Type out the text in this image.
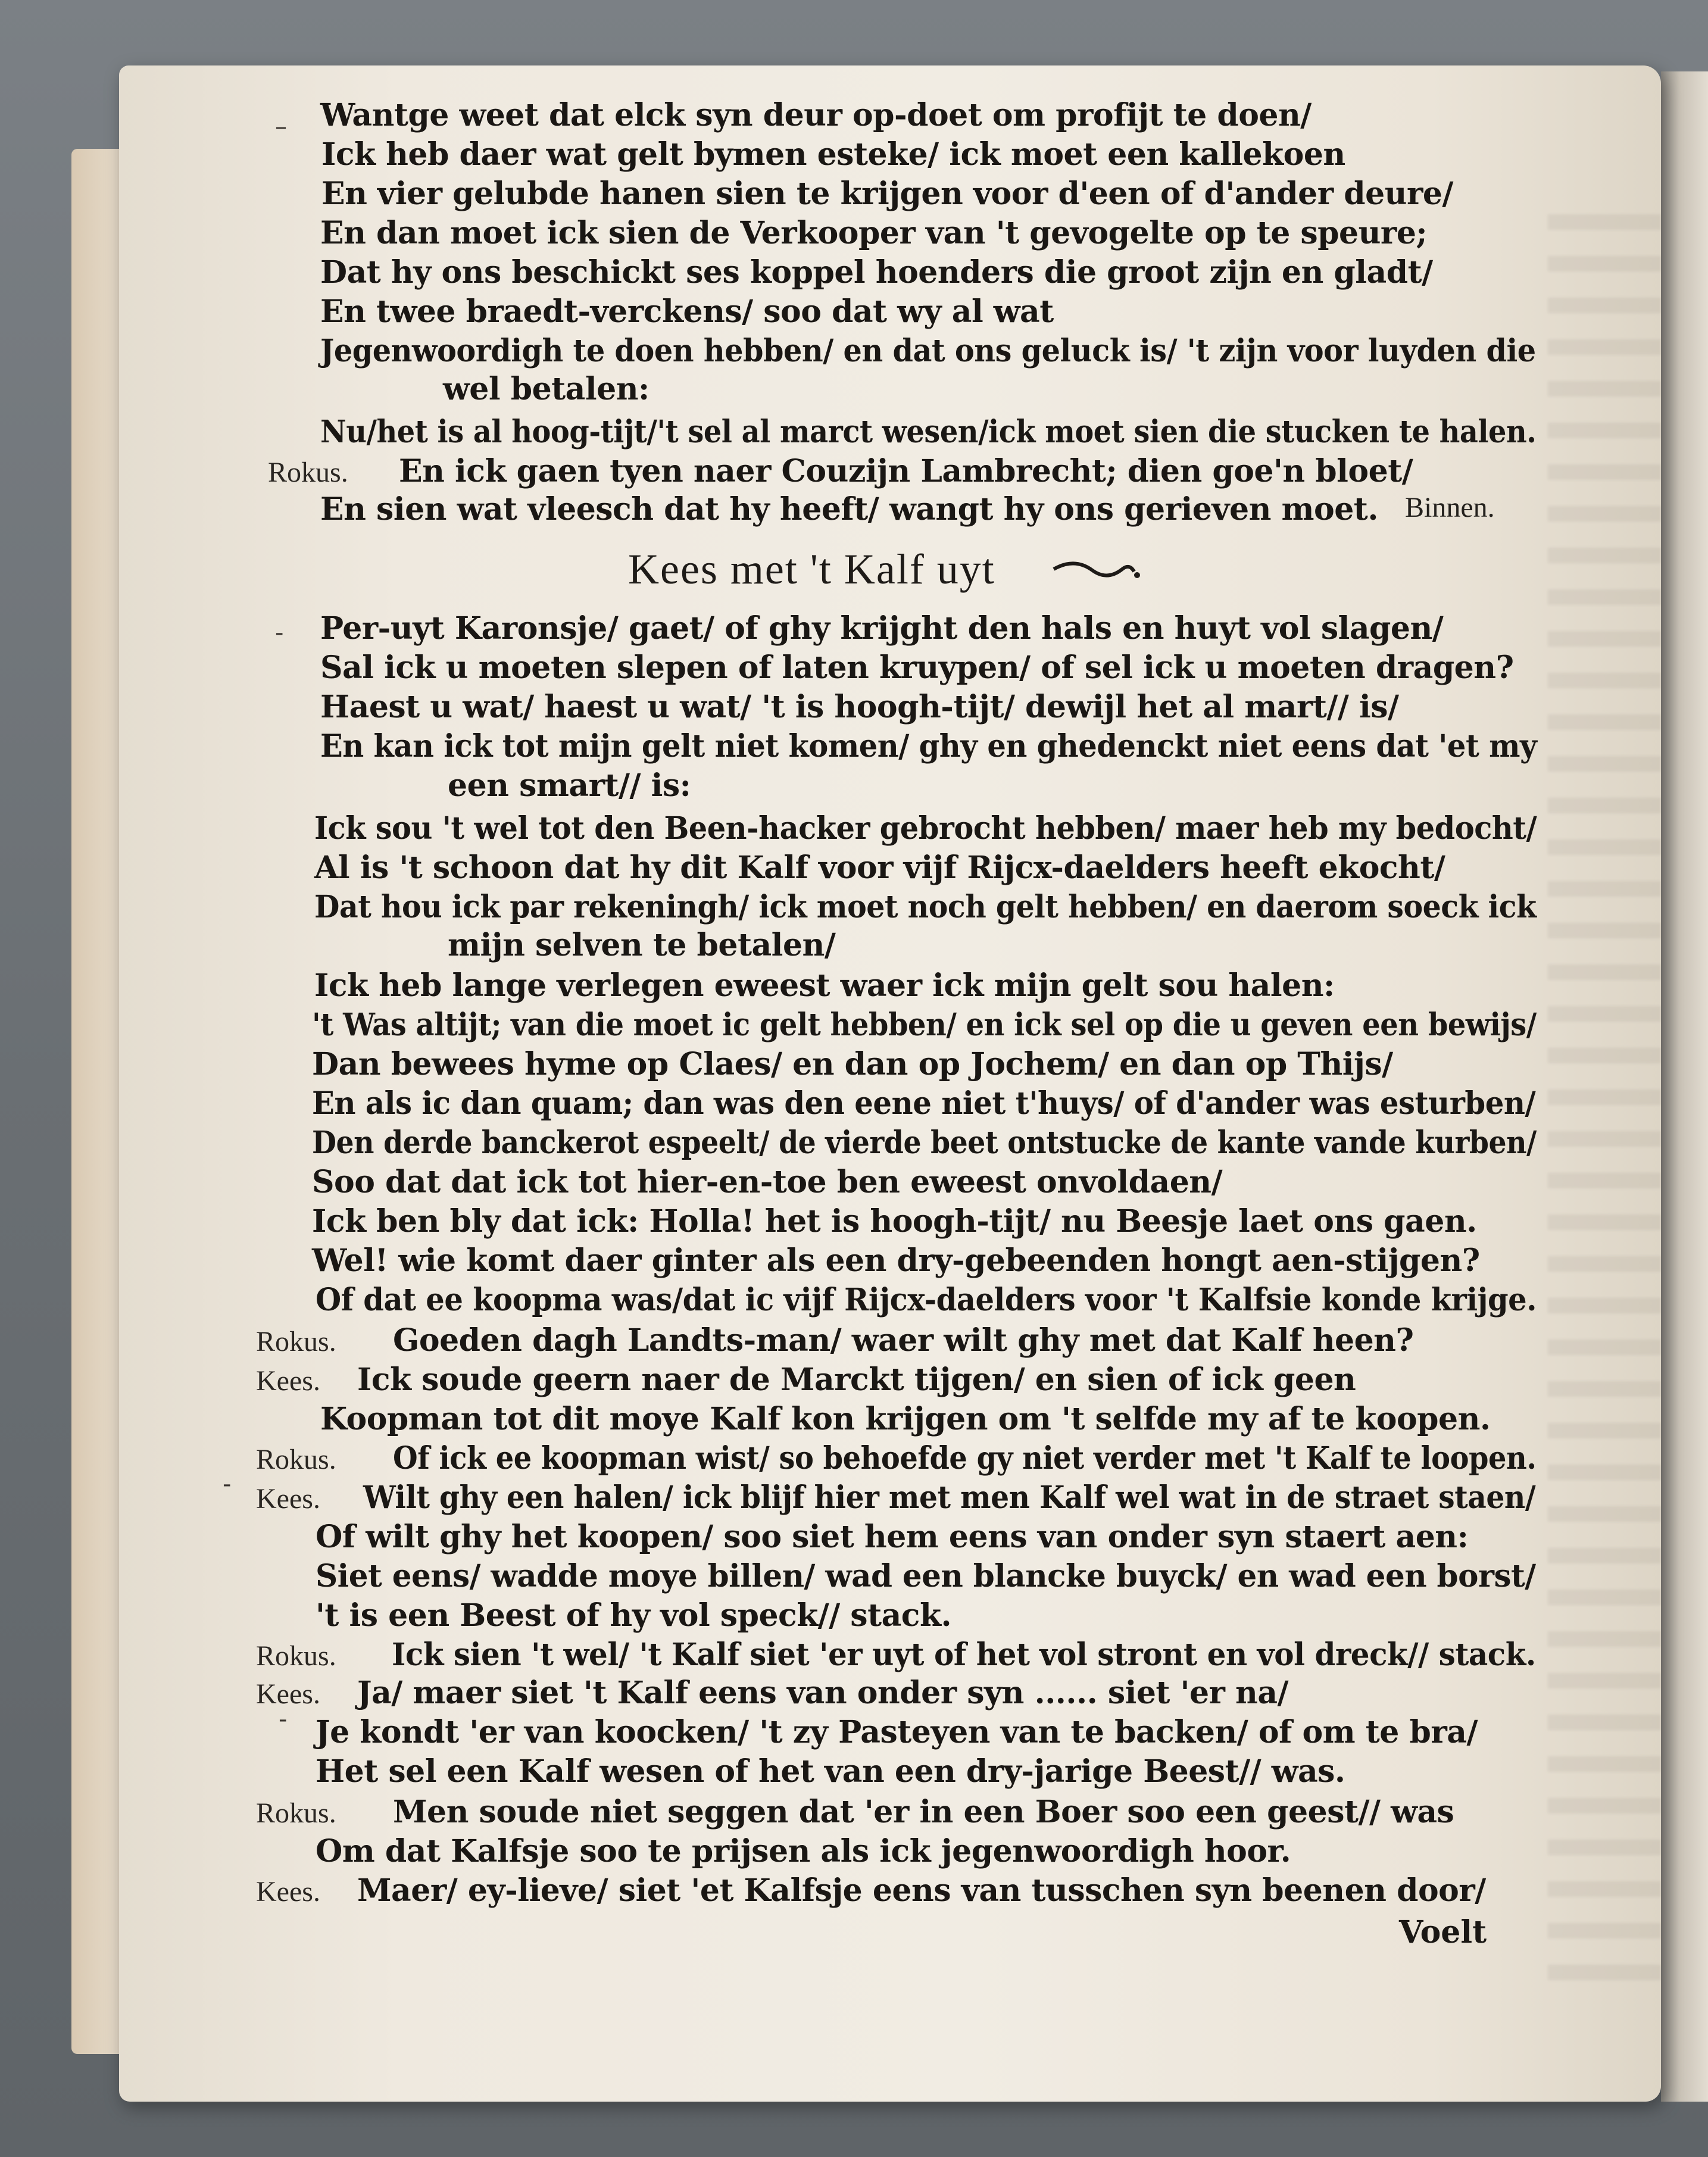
–
-
-
-
Wantge weet dat elck syn deur op-doet om profijt te doen/
Ick heb daer wat gelt bymen esteke/ ick moet een kallekoen
En vier gelubde hanen sien te krijgen voor d'een of d'ander deure/
En dan moet ick sien de Verkooper van 't gevogelte op te speure;
Dat hy ons beschickt ses koppel hoenders die groot zijn en gladt/
En twee braedt-verckens/ soo dat wy al wat
Jegenwoordigh te doen hebben/ en dat ons geluck is/ 't zijn voor luyden die
wel betalen:
Nu/het is al hoog-tijt/'t sel al marct wesen/ick moet sien die stucken te halen.
Rokus. En ick gaen tyen naer Couzijn Lambrecht; dien goe'n bloet/
En sien wat vleesch dat hy heeft/ wangt hy ons gerieven moet. Binnen.
Kees met 't Kalf uyt
Per-uyt Karonsje/ gaet/ of ghy krijght den hals en huyt vol slagen/
Sal ick u moeten slepen of laten kruypen/ of sel ick u moeten dragen?
Haest u wat/ haest u wat/ 't is hoogh-tijt/ dewijl het al mart// is/
En kan ick tot mijn gelt niet komen/ ghy en ghedenckt niet eens dat 'et my
een smart// is:
Ick sou 't wel tot den Been-hacker gebrocht hebben/ maer heb my bedocht/
Al is 't schoon dat hy dit Kalf voor vijf Rijcx-daelders heeft ekocht/
Dat hou ick par rekeningh/ ick moet noch gelt hebben/ en daerom soeck ick
mijn selven te betalen/
Ick heb lange verlegen eweest waer ick mijn gelt sou halen:
't Was altijt; van die moet ic gelt hebben/ en ick sel op die u geven een bewijs/
Dan bewees hyme op Claes/ en dan op Jochem/ en dan op Thijs/
En als ic dan quam; dan was den eene niet t'huys/ of d'ander was esturben/
Den derde banckerot espeelt/ de vierde beet ontstucke de kante vande kurben/
Soo dat dat ick tot hier-en-toe ben eweest onvoldaen/
Ick ben bly dat ick: Holla! het is hoogh-tijt/ nu Beesje laet ons gaen.
Wel! wie komt daer ginter als een dry-gebeenden hongt aen-stijgen?
Of dat ee koopma was/dat ic vijf Rijcx-daelders voor 't Kalfsie konde krijge.
Rokus. Goeden dagh Landts-man/ waer wilt ghy met dat Kalf heen?
Kees. Ick soude geern naer de Marckt tijgen/ en sien of ick geen
Koopman tot dit moye Kalf kon krijgen om 't selfde my af te koopen.
Rokus. Of ick ee koopman wist/ so behoefde gy niet verder met 't Kalf te loopen.
Kees. Wilt ghy een halen/ ick blijf hier met men Kalf wel wat in de straet staen/
Of wilt ghy het koopen/ soo siet hem eens van onder syn staert aen:
Siet eens/ wadde moye billen/ wad een blancke buyck/ en wad een borst/
't is een Beest of hy vol speck// stack.
Rokus. Ick sien 't wel/ 't Kalf siet 'er uyt of het vol stront en vol dreck// stack.
Kees. Ja/ maer siet 't Kalf eens van onder syn ...... siet 'er na/
Je kondt 'er van koocken/ 't zy Pasteyen van te backen/ of om te bra/
Het sel een Kalf wesen of het van een dry-jarige Beest// was.
Rokus. Men soude niet seggen dat 'er in een Boer soo een geest// was
Om dat Kalfsje soo te prijsen als ick jegenwoordigh hoor.
Kees. Maer/ ey-lieve/ siet 'et Kalfsje eens van tusschen syn beenen door/
Voelt
